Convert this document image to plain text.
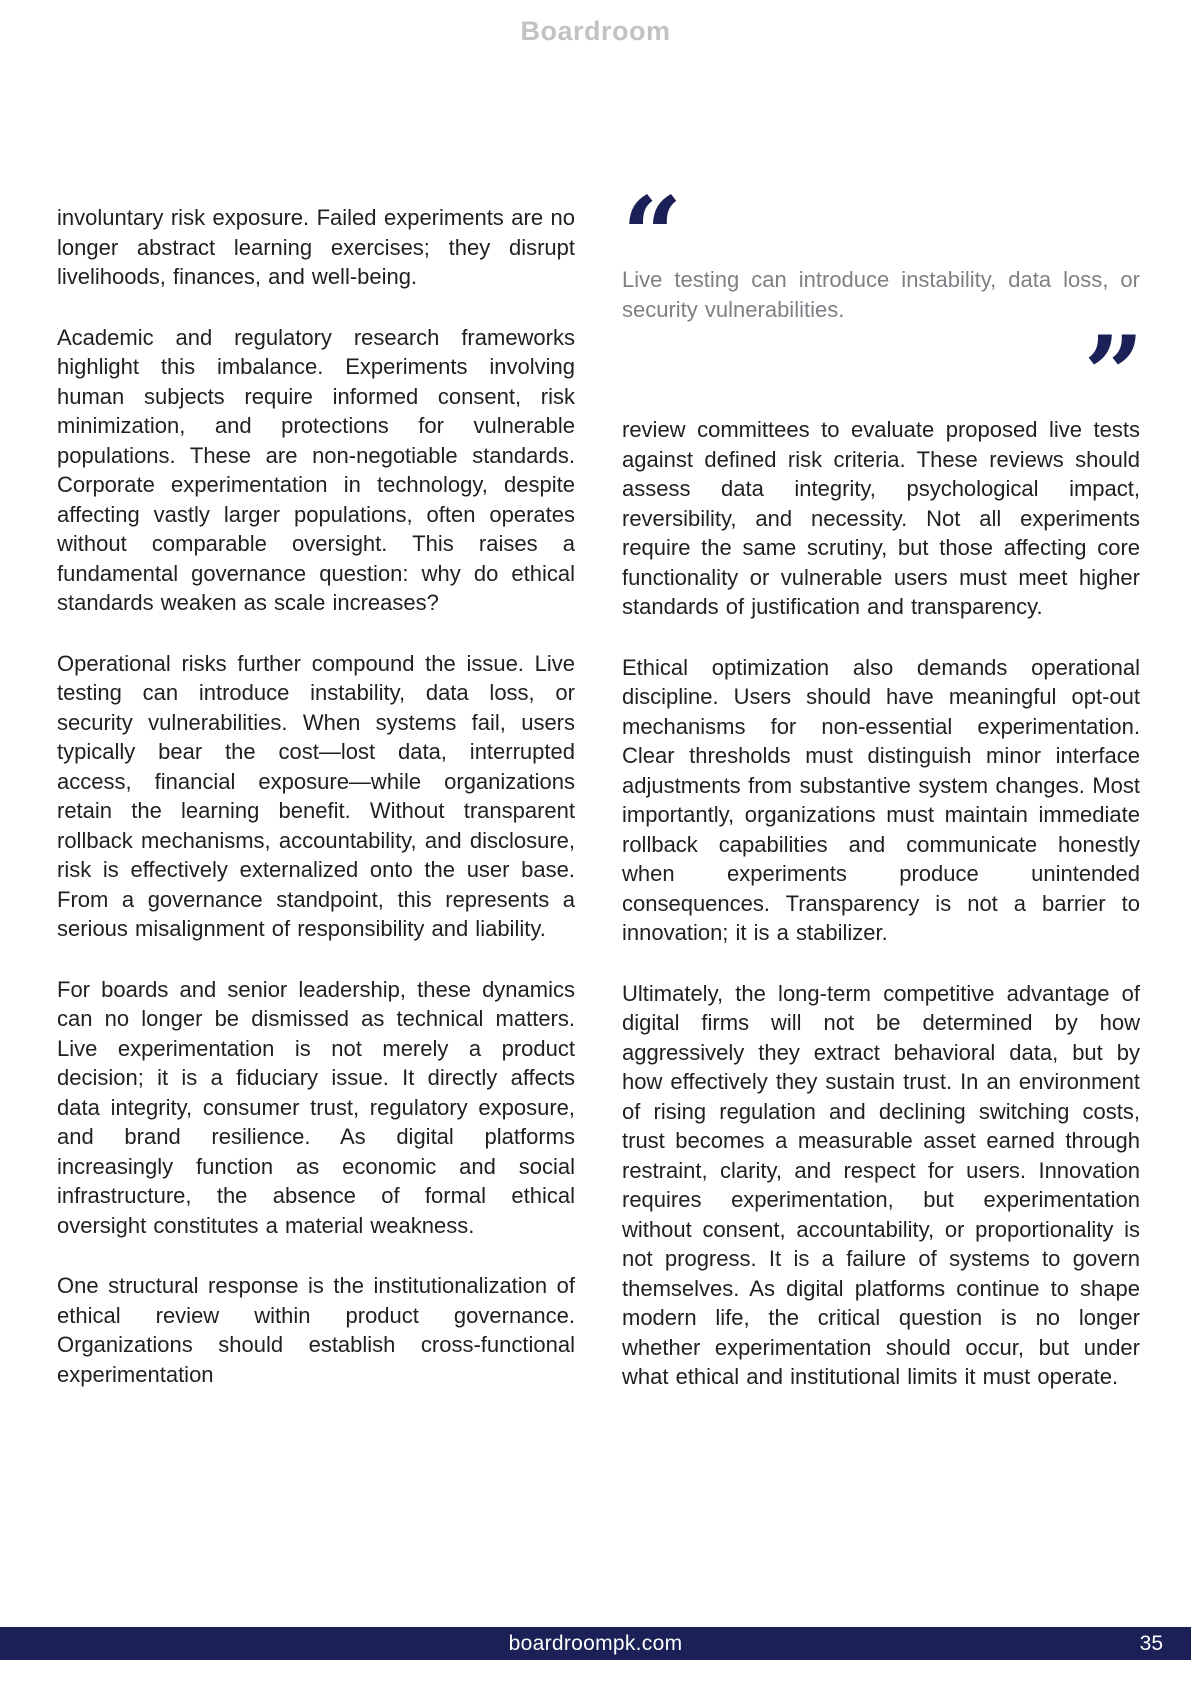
Boardroom

involuntary risk exposure. Failed experiments are no longer abstract learning exercises; they disrupt livelihoods, finances, and well-being.

Academic and regulatory research frameworks highlight this imbalance. Experiments involving human subjects require informed consent, risk minimization, and protections for vulnerable populations. These are non-negotiable standards. Corporate experimentation in technology, despite affecting vastly larger populations, often operates without comparable oversight. This raises a fundamental governance question: why do ethical standards weaken as scale increases?

Operational risks further compound the issue. Live testing can introduce instability, data loss, or security vulnerabilities. When systems fail, users typically bear the cost—lost data, interrupted access, financial exposure—while organizations retain the learning benefit. Without transparent rollback mechanisms, accountability, and disclosure, risk is effectively externalized onto the user base. From a governance standpoint, this represents a serious misalignment of responsibility and liability.

For boards and senior leadership, these dynamics can no longer be dismissed as technical matters. Live experimentation is not merely a product decision; it is a fiduciary issue. It directly affects data integrity, consumer trust, regulatory exposure, and brand resilience. As digital platforms increasingly function as economic and social infrastructure, the absence of formal ethical oversight constitutes a material weakness.

One structural response is the institutionalization of ethical review within product governance. Organizations should establish cross-functional experimentation

“
Live testing can introduce instability, data loss, or security vulnerabilities.
”

review committees to evaluate proposed live tests against defined risk criteria. These reviews should assess data integrity, psychological impact, reversibility, and necessity. Not all experiments require the same scrutiny, but those affecting core functionality or vulnerable users must meet higher standards of justification and transparency.

Ethical optimization also demands operational discipline. Users should have meaningful opt-out mechanisms for non-essential experimentation. Clear thresholds must distinguish minor interface adjustments from substantive system changes. Most importantly, organizations must maintain immediate rollback capabilities and communicate honestly when experiments produce unintended consequences. Transparency is not a barrier to innovation; it is a stabilizer.

Ultimately, the long-term competitive advantage of digital firms will not be determined by how aggressively they extract behavioral data, but by how effectively they sustain trust. In an environment of rising regulation and declining switching costs, trust becomes a measurable asset earned through restraint, clarity, and respect for users. Innovation requires experimentation, but experimentation without consent, accountability, or proportionality is not progress. It is a failure of systems to govern themselves. As digital platforms continue to shape modern life, the critical question is no longer whether experimentation should occur, but under what ethical and institutional limits it must operate.

boardroompk.com	35
